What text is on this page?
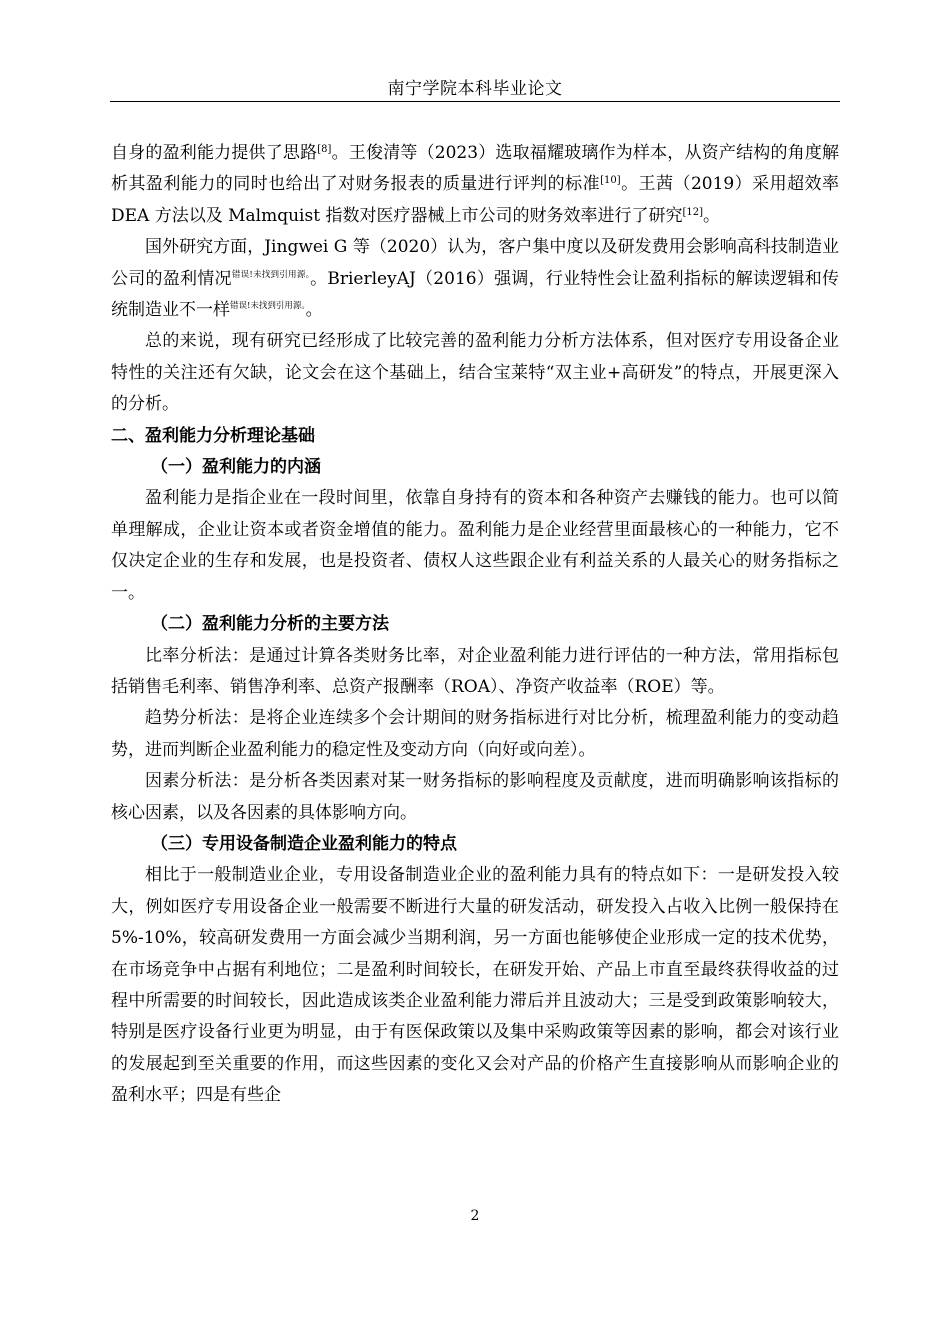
南宁学院本科毕业论文

自身的盈利能力提供了思路[8]。王俊清等（2023）选取福耀玻璃作为样本，从资产结构的角度解析其盈利能力的同时也给出了对财务报表的质量进行评判的标准[10]。王茜（2019）采用超效率 DEA 方法以及 Malmquist 指数对医疗器械上市公司的财务效率进行了研究[12]。

国外研究方面，Jingwei G 等（2020）认为，客户集中度以及研发费用会影响高科技制造业公司的盈利情况$^{错误!未找到引用源。}$。BrierleyAJ（2016）强调，行业特性会让盈利指标的解读逻辑和传统制造业不一样$^{错误!未找到引用源。}$。

总的来说，现有研究已经形成了比较完善的盈利能力分析方法体系，但对医疗专用设备企业特性的关注还有欠缺，论文会在这个基础上，结合宝莱特“双主业+高研发”的特点，开展更深入的分析。

二、盈利能力分析理论基础

（一）盈利能力的内涵

盈利能力是指企业在一段时间里，依靠自身持有的资本和各种资产去赚钱的能力。也可以简单理解成，企业让资本或者资金增值的能力。盈利能力是企业经营里面最核心的一种能力，它不仅决定企业的生存和发展，也是投资者、债权人这些跟企业有利益关系的人最关心的财务指标之一。

（二）盈利能力分析的主要方法

比率分析法：是通过计算各类财务比率，对企业盈利能力进行评估的一种方法，常用指标包括销售毛利率、销售净利率、总资产报酬率（ROA）、净资产收益率（ROE）等。

趋势分析法：是将企业连续多个会计期间的财务指标进行对比分析，梳理盈利能力的变动趋势，进而判断企业盈利能力的稳定性及变动方向（向好或向差）。

因素分析法：是分析各类因素对某一财务指标的影响程度及贡献度，进而明确影响该指标的核心因素，以及各因素的具体影响方向。

（三）专用设备制造企业盈利能力的特点

相比于一般制造业企业，专用设备制造业企业的盈利能力具有的特点如下：一是研发投入较大，例如医疗专用设备企业一般需要不断进行大量的研发活动，研发投入占收入比例一般保持在 5%-10%，较高研发费用一方面会减少当期利润，另一方面也能够使企业形成一定的技术优势，在市场竞争中占据有利地位；二是盈利时间较长，在研发开始、产品上市直至最终获得收益的过程中所需要的时间较长，因此造成该类企业盈利能力滞后并且波动大；三是受到政策影响较大，特别是医疗设备行业更为明显，由于有医保政策以及集中采购政策等因素的影响，都会对该行业的发展起到至关重要的作用，而这些因素的变化又会对产品的价格产生直接影响从而影响企业的盈利水平；四是有些企

2
